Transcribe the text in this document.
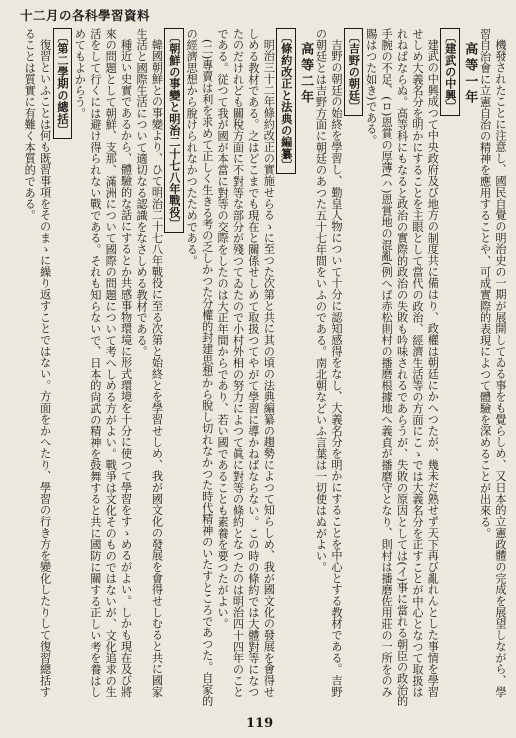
十二月の各科學習資料

機發されたことに注意し、國民自覺の明治史の一期が展開してゐる事をも覺らしめ、又日本的立憲政體の完成を展望しながら、學習自治會に立憲自治の精神を應用することや、可成實際的表現によつて體驗を深めることが出來る。

高等一年

〔建武の中興〕

建武の中興成つて中央政府及び地方の制度共に備はり、政權は朝廷にかへつたが、幾未だ熟せず天下再び亂れんとした事情を學習せしめ大義名分を明かにすることを主眼として當代の政治、經濟生活等の方面にこゝでは大義名分を正すことが中心となつて取扱はれねばならぬ。高等科にもなると政治の實際的政治の失敗も吟味されるであらうが、失敗の原因としては(イ)事に當れる朝臣の政治的手腕の不足、(ロ)恩賞の厚薄(ハ)恩賞地の混亂(例へば赤松則村の播磨根據地へ義貞が播磨守となり、則村は播磨佐用莊の一所をのみ賜はつた如き)である。

〔吉野の朝廷〕

吉野の朝廷の始終を學習し、勤皇人物について十分に認知感得をなし、大義名分を明かにすることを中心とする教材である。吉野の朝廷とは吉野方面に朝廷のあつた五十七年間をいふのである。南北朝などいふ言葉は一切使はぬがよい。

高等二年

〔條約改正と法典の編纂〕

明治三十二年條約改正の實施せらるゝに至つた次第と共に其の頃の法典編纂の趨勢によつて知らしめ、我が國文化の發展を會得せしめる教材である。之はどこまでも現在と關係せしめて取扱つてやがて學習に導かねばならない。この時の條約では大體對等になつたのだけれども關稅方面に不對等な部分が殘つてゐたので小村外相の努力によつて眞に對等の條約となつたのは明治四十四年のことである。従つて我が國が本當に對等の交際をしたのは大正年間からであり、若い國であることも素養を要つたがよい。

(二)專賣は利を求めて正しく生きる考の乏しかつた分權的封建思想から脫し切れなかつた時代精神のいたすところであつた。自家的の經濟思想から脫けられなかつたためである。

〔朝鮮の事變と明治二十七八年戰役〕

韓國朝鮮との事變より、ひて明治二十七八年戰役に至る次第と始終とを學習せしめ、我が國文化の發展を會得せしむると共に國家生活と國際生活について適切なる認識をなさしめる教材である。

種近い史實であるから、體驗的な話にするとか共感事物環境に形式環境を十分に使つて學習をすゝめるがよい。しかも現在及び將來の問題として朝鮮、支那、滿洲について國際の問題について考へしめる方がよい。戰爭は文化そのものではないが、文化追求の生活をして行くには避け得られない戰である。それも知らないで、日本的尙武の精神を鼓舞すると共に國防に關する正しい考を養はしめてもよからう。

〔第二學期の總括〕

復習といふことは何も既習事項をそのまゝに繰り返すことではない。方面をかへたり、學習の行き方を變化したりして復習總括することは質實に有難く本質的である。

119
